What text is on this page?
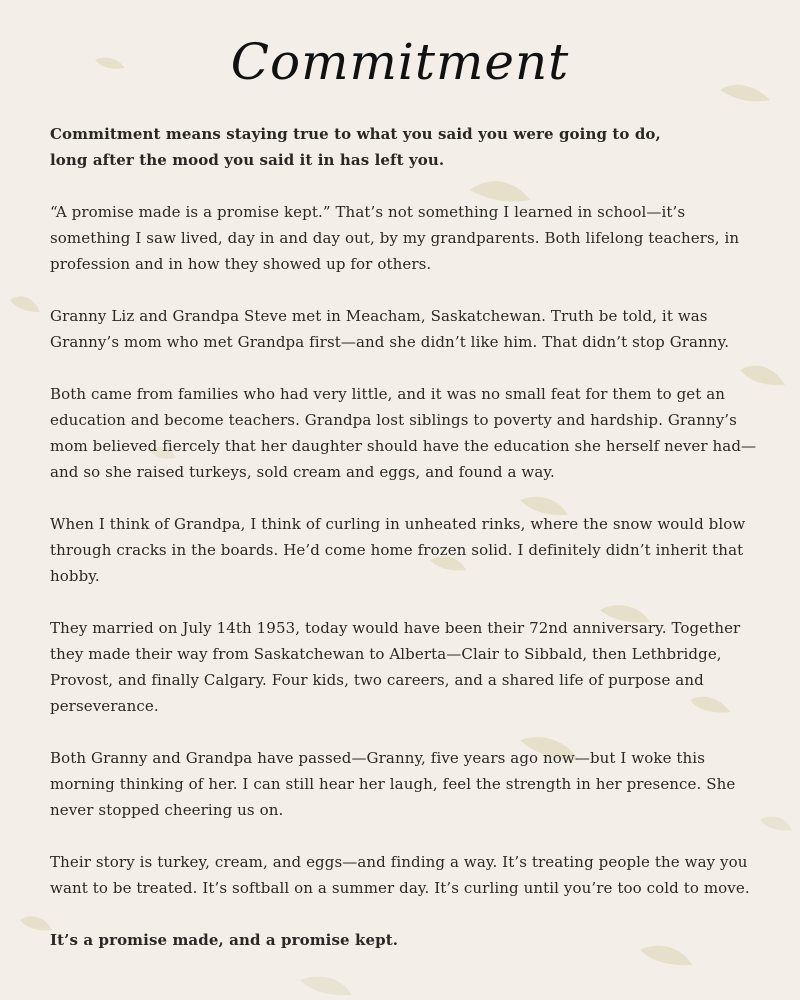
Commitment

Commitment means staying true to what you said you were going to do,
long after the mood you said it in has left you.

“A promise made is a promise kept.” That’s not something I learned in school—it’s something I saw lived, day in and day out, by my grandparents. Both lifelong teachers, in profession and in how they showed up for others.

Granny Liz and Grandpa Steve met in Meacham, Saskatchewan. Truth be told, it was Granny’s mom who met Grandpa first—and she didn’t like him. That didn’t stop Granny.

Both came from families who had very little, and it was no small feat for them to get an education and become teachers. Grandpa lost siblings to poverty and hardship. Granny’s mom believed fiercely that her daughter should have the education she herself never had—and so she raised turkeys, sold cream and eggs, and found a way.

When I think of Grandpa, I think of curling in unheated rinks, where the snow would blow through cracks in the boards. He’d come home frozen solid. I definitely didn’t inherit that hobby.

They married on July 14th 1953, today would have been their 72nd anniversary. Together they made their way from Saskatchewan to Alberta—Clair to Sibbald, then Lethbridge, Provost, and finally Calgary. Four kids, two careers, and a shared life of purpose and perseverance.

Both Granny and Grandpa have passed—Granny, five years ago now—but I woke this morning thinking of her. I can still hear her laugh, feel the strength in her presence. She never stopped cheering us on.

Their story is turkey, cream, and eggs—and finding a way. It’s treating people the way you want to be treated. It’s softball on a summer day. It’s curling until you’re too cold to move.

It’s a promise made, and a promise kept.
